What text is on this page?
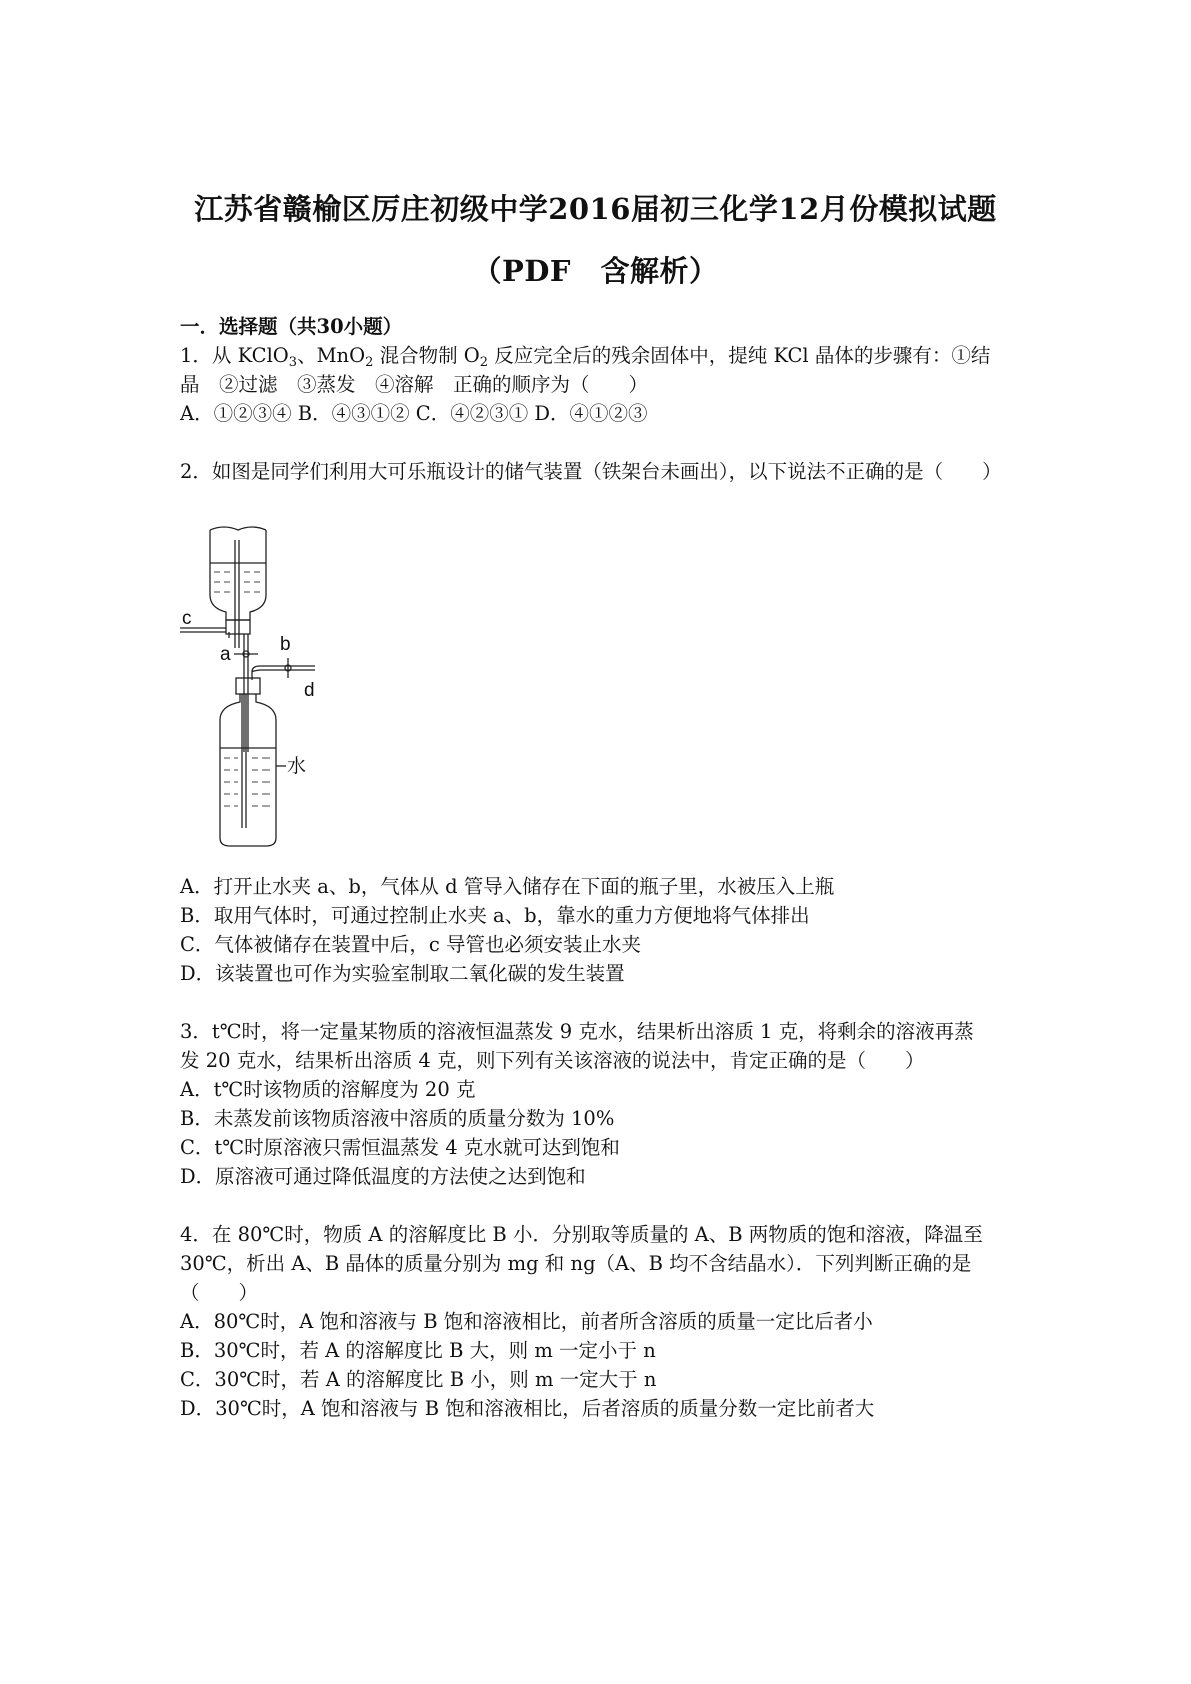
江苏省赣榆区厉庄初级中学2016届初三化学12月份模拟试题
（PDF　含解析）
一．选择题（共30小题）
1．从 KClO$_3$、MnO$_2$ 混合物制 $O_2$ 反应完全后的残余固体中，提纯 KCl 晶体的步骤有：①结
晶　②过滤　③蒸发　④溶解　正确的顺序为（　　）
A．①②③④ B．④③①② C．④②③① D．④①②③
2．如图是同学们利用大可乐瓶设计的储气装置（铁架台未画出），以下说法不正确的是（　　）
c
a	b
d
水
A．打开止水夹 a、b，气体从 d 管导入储存在下面的瓶子里，水被压入上瓶
B．取用气体时，可通过控制止水夹 a、b，靠水的重力方便地将气体排出
C．气体被储存在装置中后，c 导管也必须安装止水夹
D．该装置也可作为实验室制取二氧化碳的发生装置
3．t℃时，将一定量某物质的溶液恒温蒸发 9 克水，结果析出溶质 1 克，将剩余的溶液再蒸
发 20 克水，结果析出溶质 4 克，则下列有关该溶液的说法中，肯定正确的是（　　）
A．t℃时该物质的溶解度为 20 克
B．未蒸发前该物质溶液中溶质的质量分数为 10%
C．t℃时原溶液只需恒温蒸发 4 克水就可达到饱和
D．原溶液可通过降低温度的方法使之达到饱和
4．在 80℃时，物质 A 的溶解度比 B 小．分别取等质量的 A、B 两物质的饱和溶液，降温至
30℃，析出 A、B 晶体的质量分别为 mg 和 ng（A、B 均不含结晶水）．下列判断正确的是
（　　）
A．80℃时，A 饱和溶液与 B 饱和溶液相比，前者所含溶质的质量一定比后者小
B．30℃时，若 A 的溶解度比 B 大，则 m 一定小于 n
C．30℃时，若 A 的溶解度比 B 小，则 m 一定大于 n
D．30℃时，A 饱和溶液与 B 饱和溶液相比，后者溶质的质量分数一定比前者大
